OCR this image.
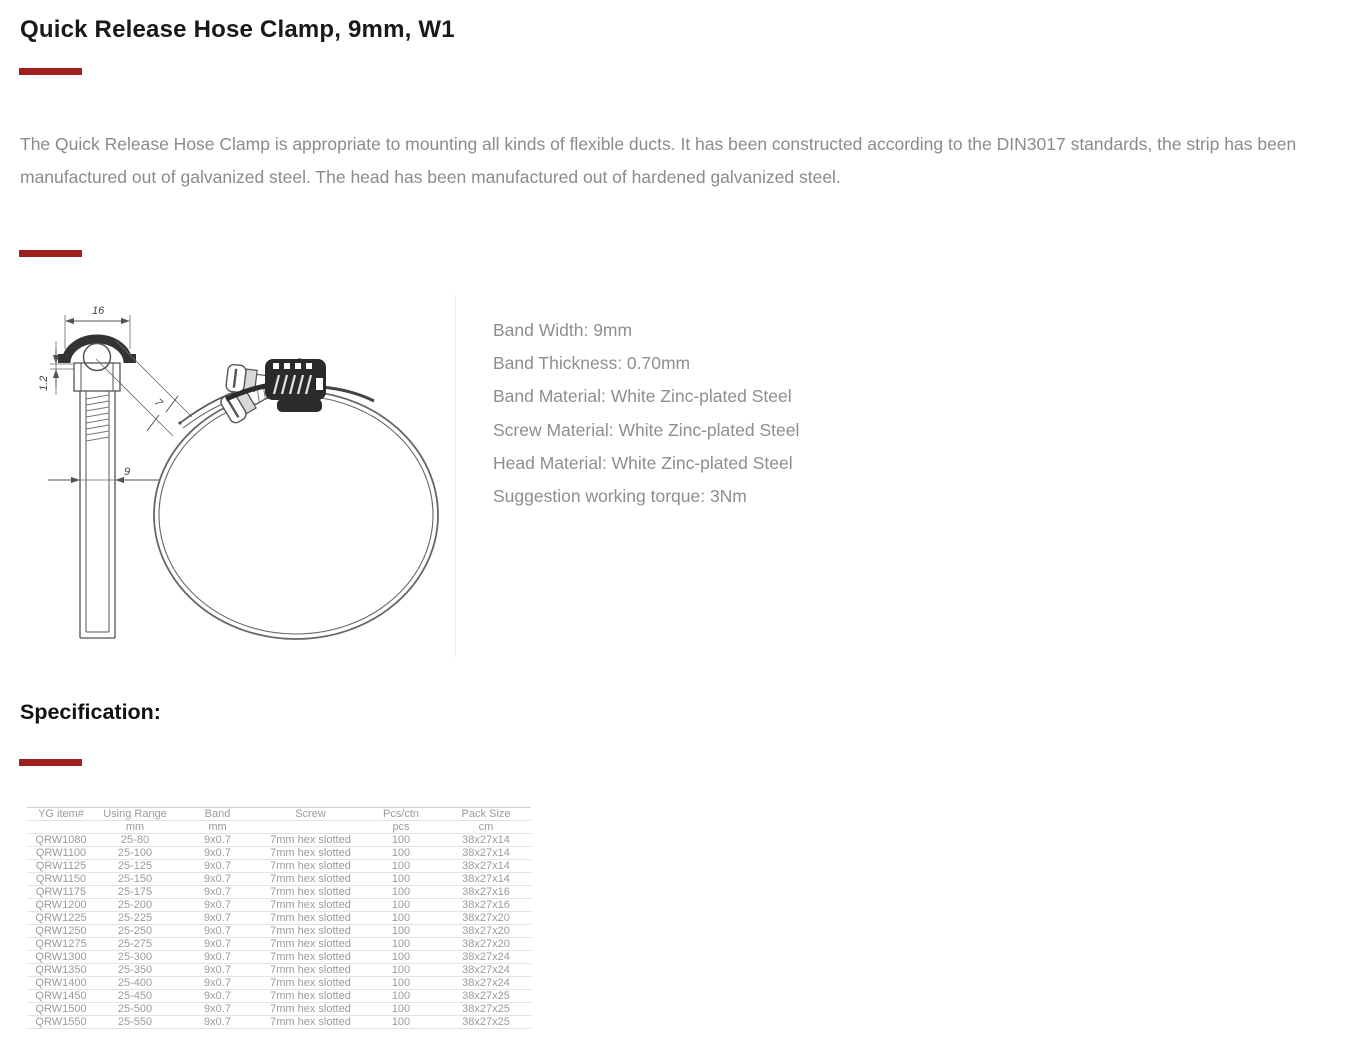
Quick Release Hose Clamp, 9mm, W1

The Quick Release Hose Clamp is appropriate to mounting all kinds of flexible ducts. It has been constructed according to the DIN3017 standards, the strip has been manufactured out of galvanized steel. The head has been manufactured out of hardened galvanized steel.

16
1.2
7
9
Band Width: 9mm
Band Thickness: 0.70mm
Band Material: White Zinc-plated Steel
Screw Material: White Zinc-plated Steel
Head Material: White Zinc-plated Steel
Suggestion working torque: 3Nm
Specification:
YG item#	Using Range	Band	Screw	Pcs/ctn	Pack Size
	mm	mm		pcs	cm
QRW1080	25-80	9x0.7	7mm hex slotted	100	38x27x14
QRW1100	25-100	9x0.7	7mm hex slotted	100	38x27x14
QRW1125	25-125	9x0.7	7mm hex slotted	100	38x27x14
QRW1150	25-150	9x0.7	7mm hex slotted	100	38x27x14
QRW1175	25-175	9x0.7	7mm hex slotted	100	38x27x16
QRW1200	25-200	9x0.7	7mm hex slotted	100	38x27x16
QRW1225	25-225	9x0.7	7mm hex slotted	100	38x27x20
QRW1250	25-250	9x0.7	7mm hex slotted	100	38x27x20
QRW1275	25-275	9x0.7	7mm hex slotted	100	38x27x20
QRW1300	25-300	9x0.7	7mm hex slotted	100	38x27x24
QRW1350	25-350	9x0.7	7mm hex slotted	100	38x27x24
QRW1400	25-400	9x0.7	7mm hex slotted	100	38x27x24
QRW1450	25-450	9x0.7	7mm hex slotted	100	38x27x25
QRW1500	25-500	9x0.7	7mm hex slotted	100	38x27x25
QRW1550	25-550	9x0.7	7mm hex slotted	100	38x27x25
